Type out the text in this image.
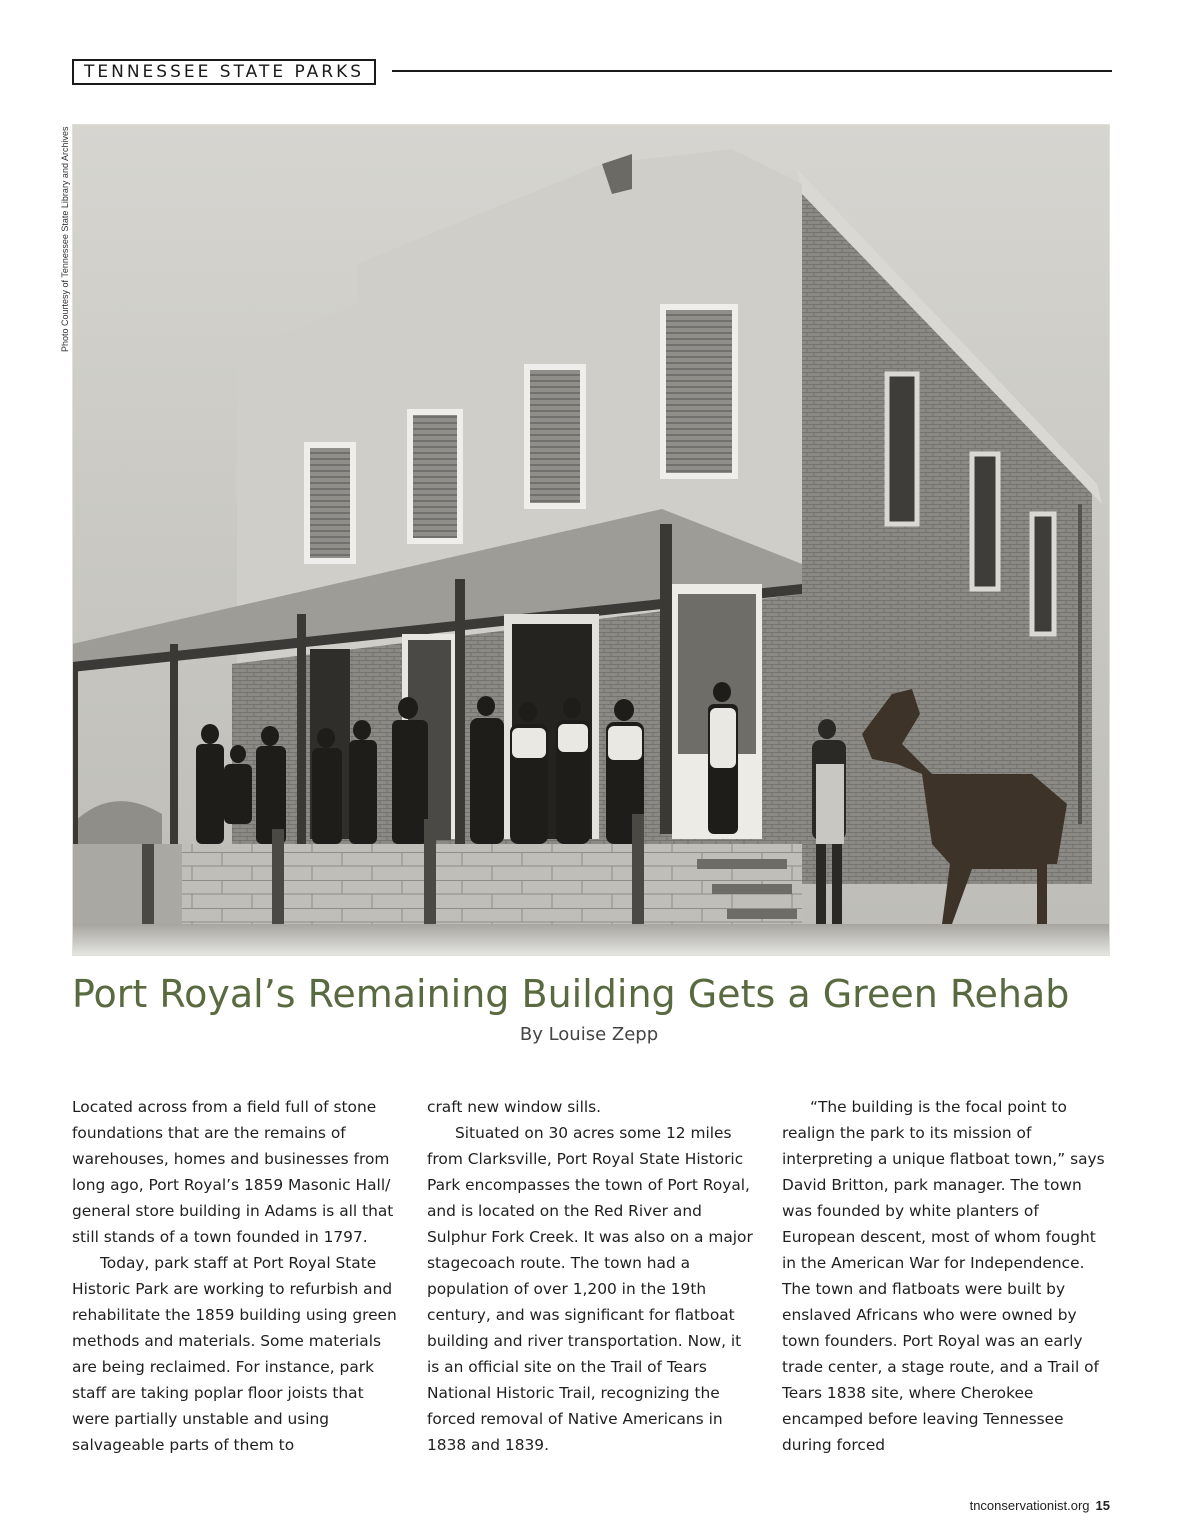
TENNESSEE STATE PARKS
Photo Courtesy of Tennessee State Library and Archives
Port Royal’s Remaining Building Gets a Green Rehab
By Louise Zepp

Located across from a field full of stone foundations that are the remains of warehouses, homes and businesses from long ago, Port Royal’s 1859 Masonic Hall/ general store building in Adams is all that still stands of a town founded in 1797.

Today, park staff at Port Royal State Historic Park are working to refurbish and rehabilitate the 1859 building using green methods and materials. Some materials are being reclaimed. For instance, park staff are taking poplar floor joists that were partially unstable and using salvageable parts of them to

craft new window sills.

Situated on 30 acres some 12 miles from Clarksville, Port Royal State Historic Park encompasses the town of Port Royal, and is located on the Red River and Sulphur Fork Creek. It was also on a major stagecoach route. The town had a population of over 1,200 in the 19th century, and was significant for flatboat building and river transportation. Now, it is an official site on the Trail of Tears National Historic Trail, recognizing the forced removal of Native Americans in 1838 and 1839.

“The building is the focal point to realign the park to its mission of interpreting a unique flatboat town,” says David Britton, park manager. The town was founded by white planters of European descent, most of whom fought in the American War for Independence. The town and flatboats were built by enslaved Africans who were owned by town founders. Port Royal was an early trade center, a stage route, and a Trail of Tears 1838 site, where Cherokee encamped before leaving Tennessee during forced

tnconservationist.org 15
